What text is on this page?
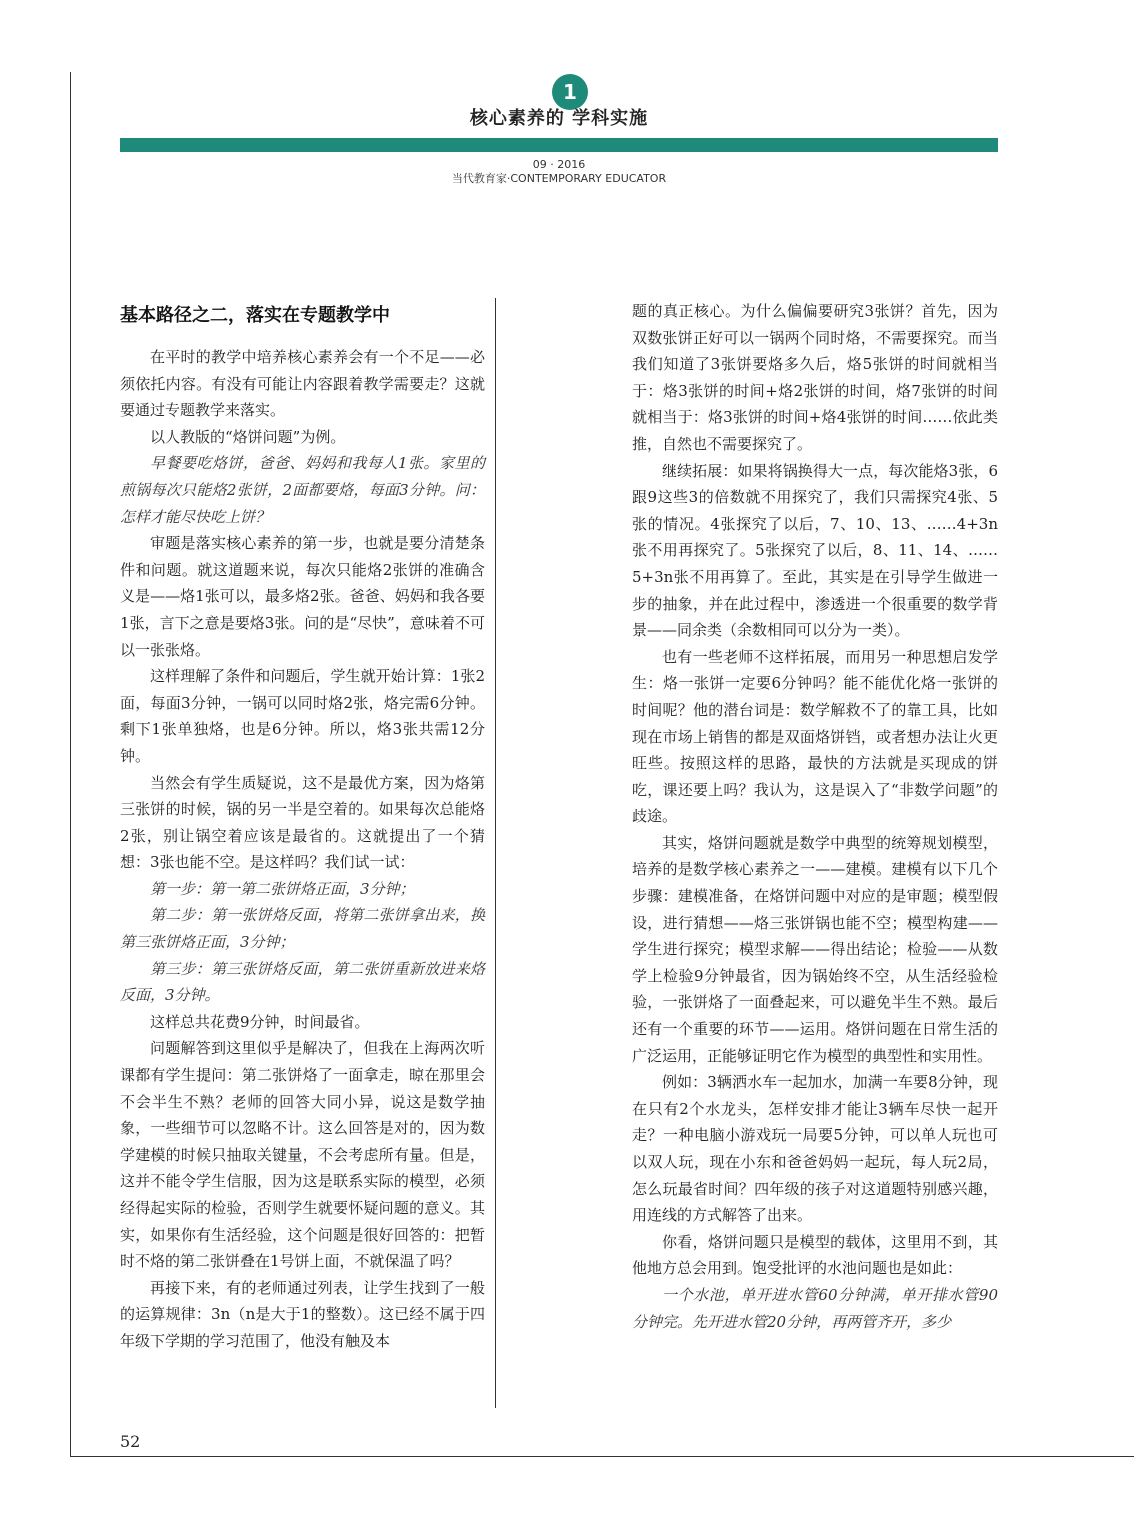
1
核心素养的 学科实施
09 · 2016
当代教育家·CONTEMPORARY EDUCATOR
基本路径之二，落实在专题教学中

在平时的教学中培养核心素养会有一个不足——必须依托内容。有没有可能让内容跟着教学需要走？这就要通过专题教学来落实。

以人教版的“烙饼问题”为例。

早餐要吃烙饼，爸爸、妈妈和我每人1张。家里的煎锅每次只能烙2张饼，2面都要烙，每面3分钟。问：怎样才能尽快吃上饼？

审题是落实核心素养的第一步，也就是要分清楚条件和问题。就这道题来说，每次只能烙2张饼的准确含义是——烙1张可以，最多烙2张。爸爸、妈妈和我各要1张，言下之意是要烙3张。问的是“尽快”，意味着不可以一张张烙。

这样理解了条件和问题后，学生就开始计算：1张2面，每面3分钟，一锅可以同时烙2张，烙完需6分钟。剩下1张单独烙，也是6分钟。所以，烙3张共需12分钟。

当然会有学生质疑说，这不是最优方案，因为烙第三张饼的时候，锅的另一半是空着的。如果每次总能烙2张，别让锅空着应该是最省的。这就提出了一个猜想：3张也能不空。是这样吗？我们试一试：

第一步：第一第二张饼烙正面，3分钟；

第二步：第一张饼烙反面，将第二张饼拿出来，换第三张饼烙正面，3分钟；

第三步：第三张饼烙反面，第二张饼重新放进来烙反面，3分钟。

这样总共花费9分钟，时间最省。

问题解答到这里似乎是解决了，但我在上海两次听课都有学生提问：第二张饼烙了一面拿走，晾在那里会不会半生不熟？老师的回答大同小异，说这是数学抽象，一些细节可以忽略不计。这么回答是对的，因为数学建模的时候只抽取关键量，不会考虑所有量。但是，这并不能令学生信服，因为这是联系实际的模型，必须经得起实际的检验，否则学生就要怀疑问题的意义。其实，如果你有生活经验，这个问题是很好回答的：把暂时不烙的第二张饼叠在1号饼上面，不就保温了吗？

再接下来，有的老师通过列表，让学生找到了一般的运算规律：3n（n是大于1的整数）。这已经不属于四年级下学期的学习范围了，他没有触及本

题的真正核心。为什么偏偏要研究3张饼？首先，因为双数张饼正好可以一锅两个同时烙，不需要探究。而当我们知道了3张饼要烙多久后，烙5张饼的时间就相当于：烙3张饼的时间+烙2张饼的时间，烙7张饼的时间就相当于：烙3张饼的时间+烙4张饼的时间……依此类推，自然也不需要探究了。

继续拓展：如果将锅换得大一点，每次能烙3张，6跟9这些3的倍数就不用探究了，我们只需探究4张、5张的情况。4张探究了以后，7、10、13、……4+3n张不用再探究了。5张探究了以后，8、11、14、……5+3n张不用再算了。至此，其实是在引导学生做进一步的抽象，并在此过程中，渗透进一个很重要的数学背景——同余类（余数相同可以分为一类）。

也有一些老师不这样拓展，而用另一种思想启发学生：烙一张饼一定要6分钟吗？能不能优化烙一张饼的时间呢？他的潜台词是：数学解救不了的靠工具，比如现在市场上销售的都是双面烙饼铛，或者想办法让火更旺些。按照这样的思路，最快的方法就是买现成的饼吃，课还要上吗？我认为，这是误入了“非数学问题”的歧途。

其实，烙饼问题就是数学中典型的统筹规划模型，培养的是数学核心素养之一——建模。建模有以下几个步骤：建模准备，在烙饼问题中对应的是审题；模型假设，进行猜想——烙三张饼锅也能不空；模型构建——学生进行探究；模型求解——得出结论；检验——从数学上检验9分钟最省，因为锅始终不空，从生活经验检验，一张饼烙了一面叠起来，可以避免半生不熟。最后还有一个重要的环节——运用。烙饼问题在日常生活的广泛运用，正能够证明它作为模型的典型性和实用性。

例如：3辆洒水车一起加水，加满一车要8分钟，现在只有2个水龙头，怎样安排才能让3辆车尽快一起开走？一种电脑小游戏玩一局要5分钟，可以单人玩也可以双人玩，现在小东和爸爸妈妈一起玩，每人玩2局，怎么玩最省时间？四年级的孩子对这道题特别感兴趣，用连线的方式解答了出来。

你看，烙饼问题只是模型的载体，这里用不到，其他地方总会用到。饱受批评的水池问题也是如此：

一个水池，单开进水管60分钟满，单开排水管90分钟完。先开进水管20分钟，再两管齐开，多少

52
